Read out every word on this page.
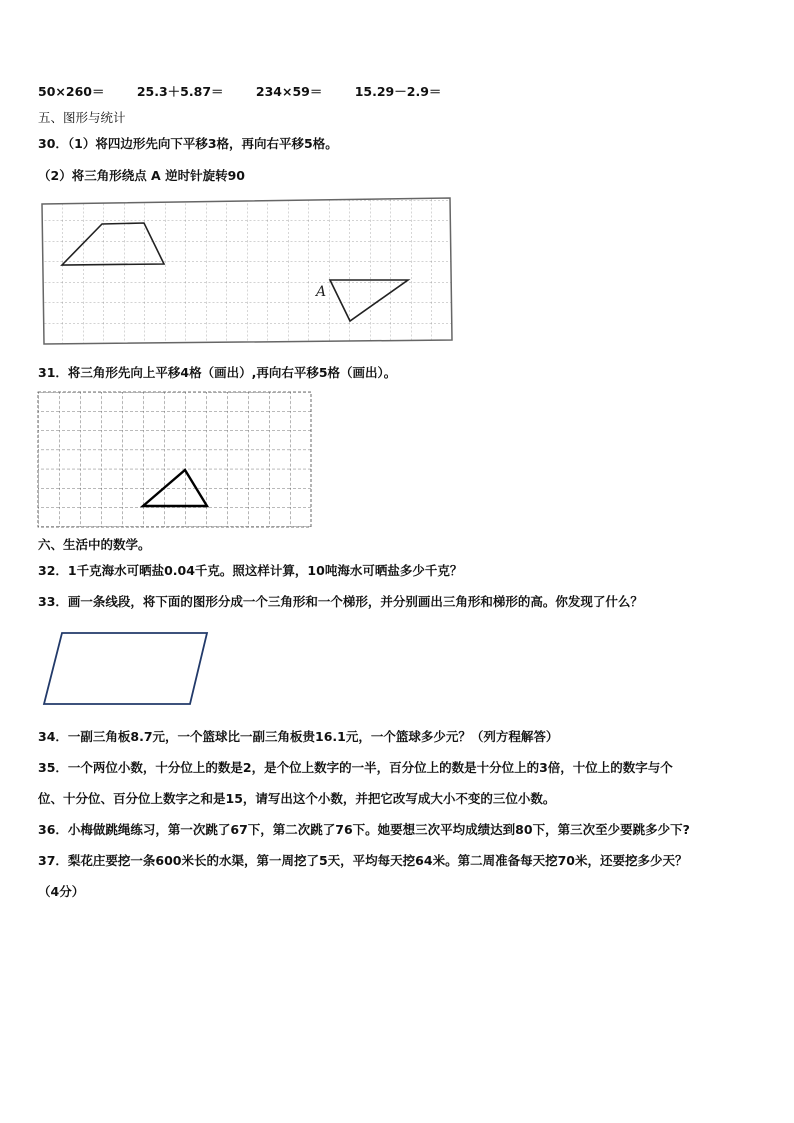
50×260＝	25.3＋5.87＝	234×59＝	15.29－2.9＝
五、图形与统计
30．（1）将四边形先向下平移3格，再向右平移5格。
（2）将三角形绕点 A 逆时针旋转90
A
31．将三角形先向上平移4格（画出）,再向右平移5格（画出）。
六、生活中的数学。
32．1千克海水可晒盐0.04千克。照这样计算，10吨海水可晒盐多少千克？
33．画一条线段，将下面的图形分成一个三角形和一个梯形，并分别画出三角形和梯形的高。你发现了什么？
34．一副三角板8.7元，一个篮球比一副三角板贵16.1元，一个篮球多少元？（列方程解答）
35．一个两位小数，十分位上的数是2，是个位上数字的一半，百分位上的数是十分位上的3倍，十位上的数字与个
位、十分位、百分位上数字之和是15，请写出这个小数，并把它改写成大小不变的三位小数。
36．小梅做跳绳练习，第一次跳了67下，第二次跳了76下。她要想三次平均成绩达到80下，第三次至少要跳多少下?
37．梨花庄要挖一条600米长的水渠，第一周挖了5天，平均每天挖64米。第二周准备每天挖70米，还要挖多少天？
（4分）
